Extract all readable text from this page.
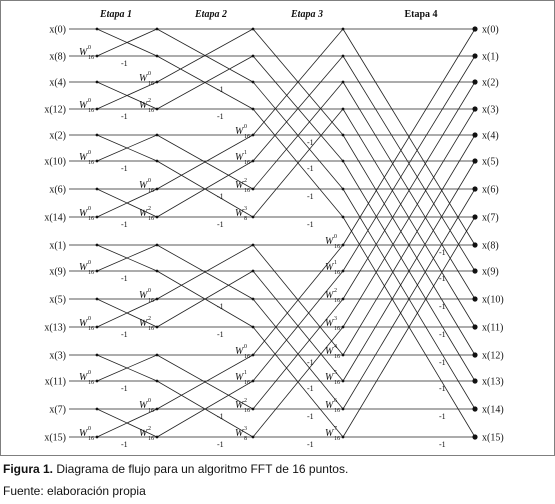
Etapa 1	Etapa 2	Etapa 3	Etapa 4
x(0)
x(8)
x(4)
x(12)
x(2)
x(10)
x(6)
x(14)
x(1)
x(9)
x(5)
x(13)
x(3)
x(11)
x(7)
x(15)
x(0)
x(1)
x(2)
x(3)
x(4)
x(5)
x(6)
x(7)
x(8)
x(9)
x(10)
x(11)
x(12)
x(13)
x(14)
x(15)
W 0
16
-1
W 0
16
-1
W 0
16
-1
W 0
16
-1
W 0
16
-1
W 0
16
-1
W 0
16
-1
W 0
16
-1
W 0
16
-1
W 2
16
-1
W 0
16
-1
W 2
16
-1
W 0
16
-1
W 2
16
-1
W 0
16
-1
W 2
16
-1
W 0
16
-1
W 1
16
-1
W 2
16
-1
W 3
8
-1
W 0
16
-1
W 1
16
-1
W 2
16
-1
W 3
8
-1
W 0
16
-1
W 1
16
-1
W 2
16
-1
W 3
16
-1
W 4
16
-1
W 5
16
-1
W 6
16
-1
W 7
16
-1
Figura 1. Diagrama de flujo para un algoritmo FFT de 16 puntos.
Fuente: elaboración propia
